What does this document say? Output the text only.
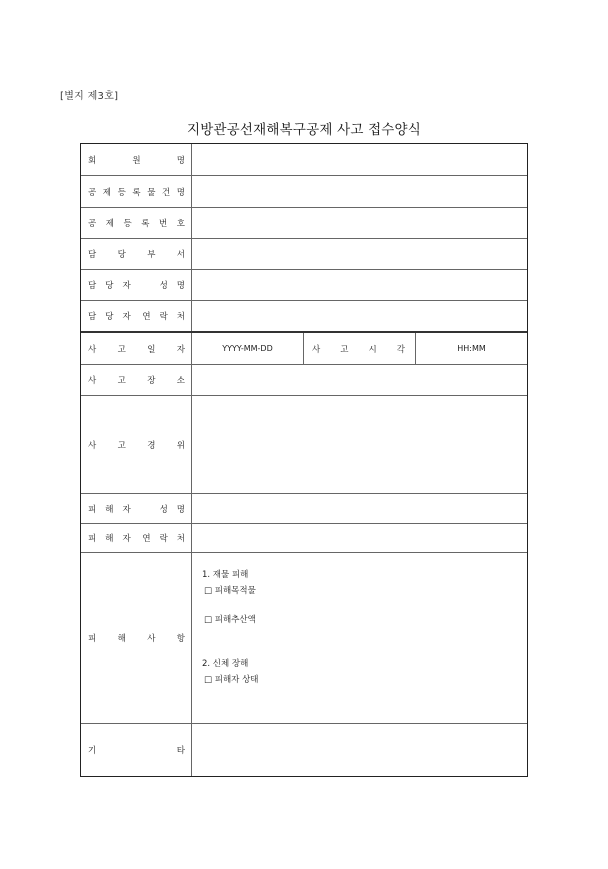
[별지 제3호]
지방관공선재해복구공제 사고 접수양식
회	원	명
공 제 등 록 물 건 명
공 제 등 록 번 호
담	당	부	서
담 당 자	성 명
담 당 자 연 락 처
사	고	일	자	YYYY-MM-DD	사 고 시 각	HH:MM
사	고	장	소
사	고	경	위
피 해 자	성 명
피 해 자 연 락 처
피	해	사	항
1. 재물 피해
□ 피해목적물
□ 피해추산액
2. 신체 장해
□ 피해자 상태
기	타
